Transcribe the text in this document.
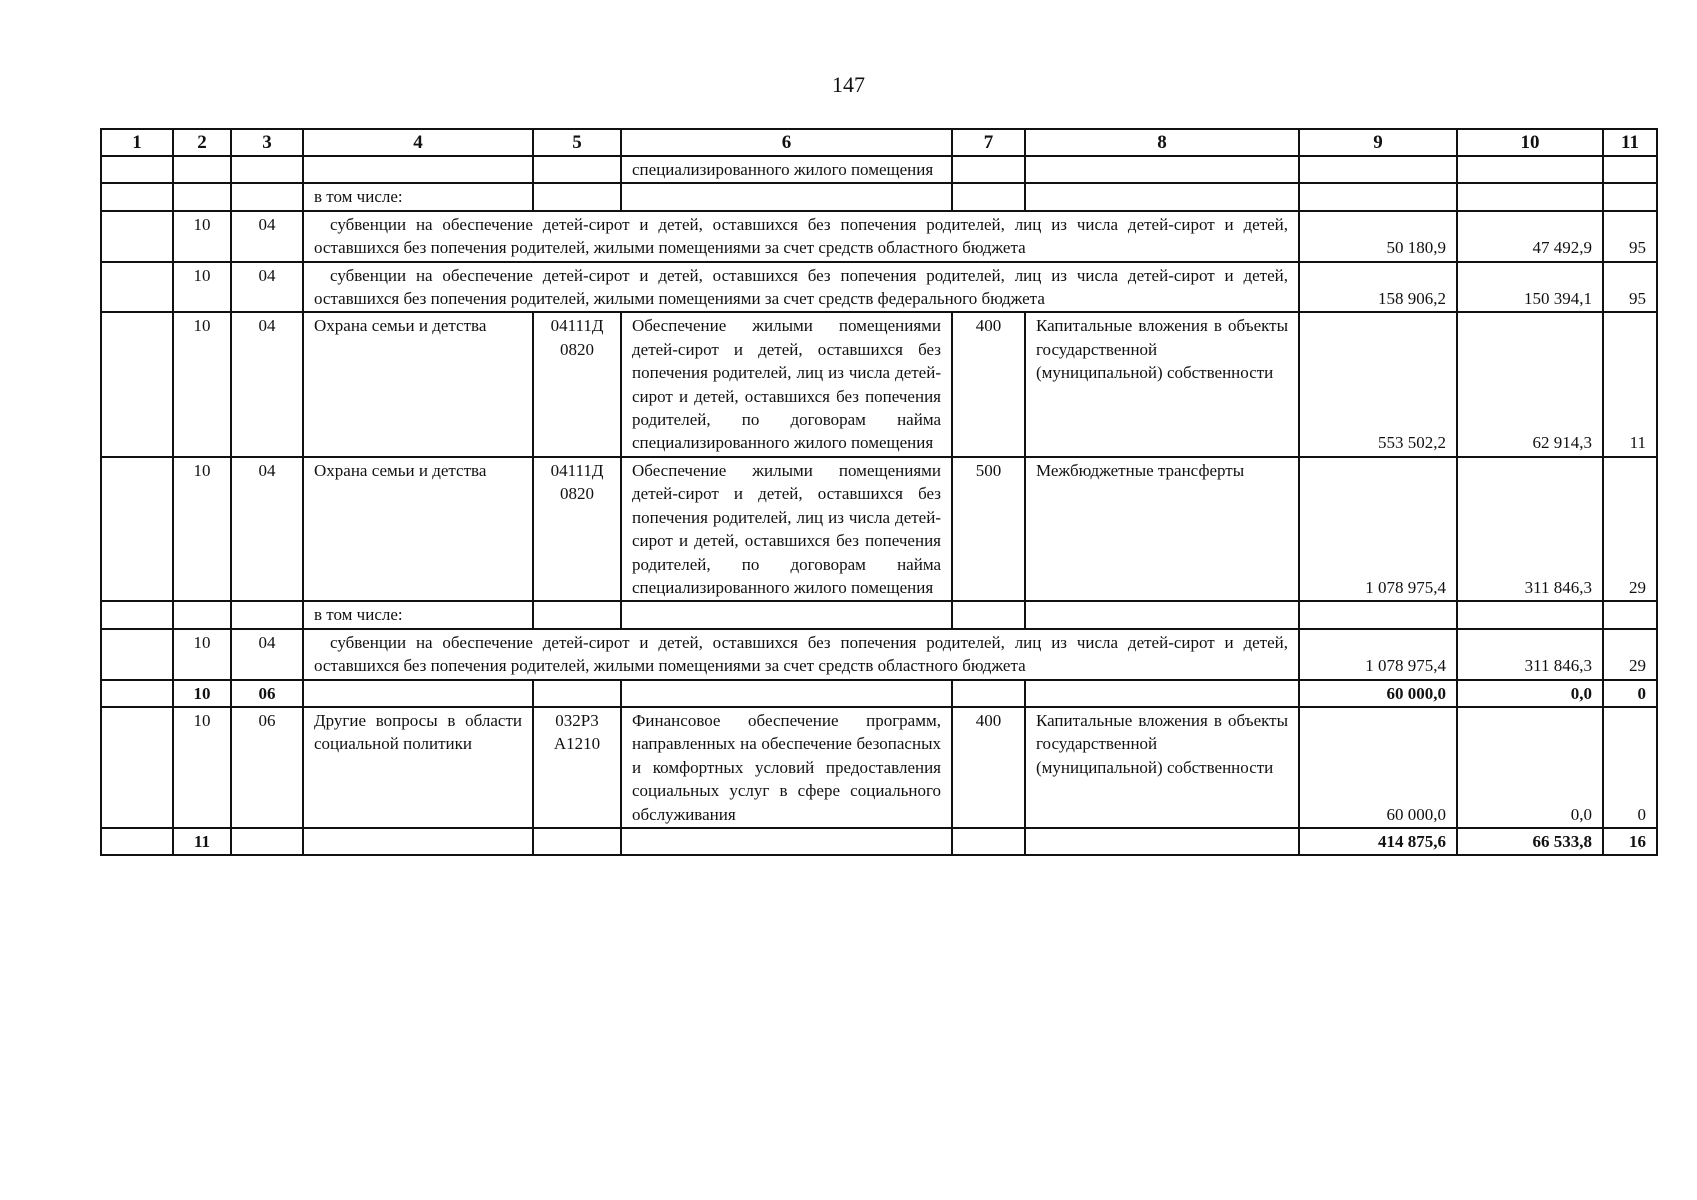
147
1	2	3	4	5	6	7	8	9	10	11
					специализированного жилого помещения					
			в том числе:							
	10	04	субвенции на обеспечение детей-сирот и детей, оставшихся без попечения родителей, лиц из числа детей-сирот и детей, оставшихся без попечения родителей, жилыми помещениями за счет средств областного бюджета					50 180,9	47 492,9	95
	10	04	субвенции на обеспечение детей-сирот и детей, оставшихся без попечения родителей, лиц из числа детей-сирот и детей, оставшихся без попечения родителей, жилыми помещениями за счет средств федерального бюджета					158 906,2	150 394,1	95
	10	04	Охрана семьи и детства	04111Д 0820	Обеспечение жилыми помещениями детей-сирот и детей, оставшихся без попечения родителей, лиц из числа детей-сирот и детей, оставшихся без попечения родителей, по договорам найма специализированного жилого помещения	400	Капитальные вложения в объекты государственной (муниципальной) собственности	553 502,2	62 914,3	11
	10	04	Охрана семьи и детства	04111Д 0820	Обеспечение жилыми помещениями детей-сирот и детей, оставшихся без попечения родителей, лиц из числа детей-сирот и детей, оставшихся без попечения родителей, по договорам найма специализированного жилого помещения	500	Межбюджетные трансферты	1 078 975,4	311 846,3	29
			в том числе:							
	10	04	субвенции на обеспечение детей-сирот и детей, оставшихся без попечения родителей, лиц из числа детей-сирот и детей, оставшихся без попечения родителей, жилыми помещениями за счет средств областного бюджета					1 078 975,4	311 846,3	29
	10	06						60 000,0	0,0	0
	10	06	Другие вопросы в области социальной политики	032Р3 А1210	Финансовое обеспечение программ, направленных на обеспечение безопасных и комфортных условий предоставления социальных услуг в сфере социального обслуживания	400	Капитальные вложения в объекты государственной (муниципальной) собственности	60 000,0	0,0	0
	11							414 875,6	66 533,8	16
